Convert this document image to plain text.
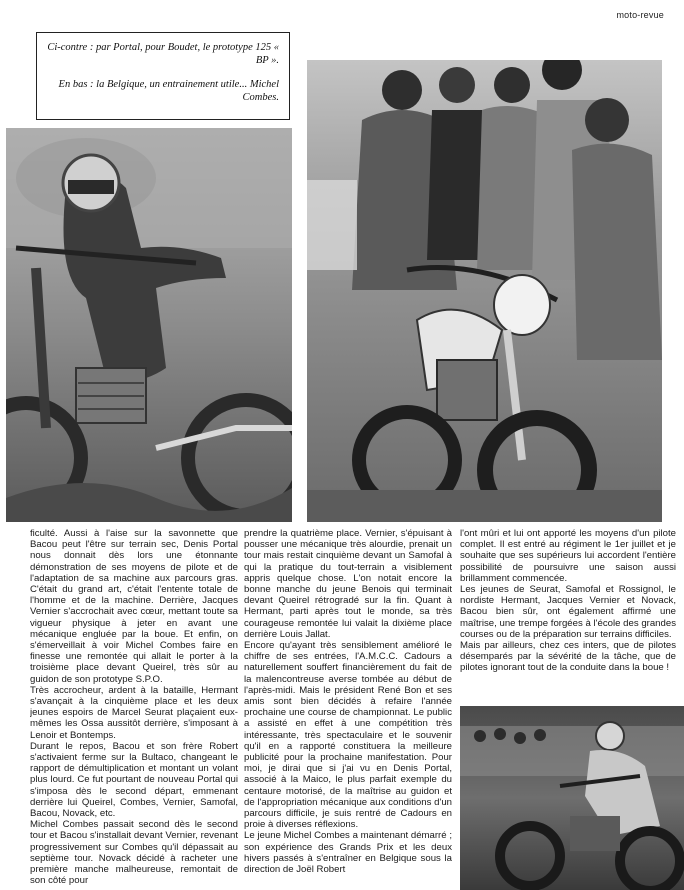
moto-revue

Ci-contre : par Portal, pour Boudet, le prototype 125 « BP ».

En bas : la Belgique, un entrainement utile... Michel Combes.

ficulté. Aussi à l'aise sur la savonnette que Bacou peut l'être sur terrain sec, Denis Portal nous donnait dès lors une étonnante démonstration de ses moyens de pilote et de l'adaptation de sa machine aux parcours gras. C'était du grand art, c'était l'entente totale de l'homme et de la machine. Derrière, Jacques Vernier s'accrochait avec cœur, mettant toute sa vigueur physique à jeter en avant une mécanique engluée par la boue. Et enfin, on s'émerveillait à voir Michel Combes faire en finesse une remontée qui allait le porter à la troisième place devant Queirel, très sûr au guidon de son prototype S.P.O.

Très accrocheur, ardent à la bataille, Hermant s'avançait à la cinquième place et les deux jeunes espoirs de Marcel Seurat plaçaient eux-mêmes les Ossa aussitôt derrière, s'imposant à Lenoir et Bontemps.

Durant le repos, Bacou et son frère Robert s'activaient ferme sur la Bultaco, changeant le rapport de démultiplication et montant un volant plus lourd. Ce fut pourtant de nouveau Portal qui s'imposa dès le second départ, emmenant derrière lui Queirel, Combes, Vernier, Samofal, Bacou, Novack, etc.

Michel Combes passait second dès le second tour et Bacou s'installait devant Vernier, revenant progressivement sur Combes qu'il dépassait au septième tour. Novack décidé à racheter une première manche malheureuse, remontait de son côté pour

prendre la quatrième place. Vernier, s'épuisant à pousser une mécanique très alourdie, prenait un tour mais restait cinquième devant un Samofal à qui la pratique du tout-terrain a visiblement appris quelque chose. L'on notait encore la bonne manche du jeune Benois qui terminait devant Queirel rétrogradé sur la fin. Quant à Hermant, parti après tout le monde, sa très courageuse remontée lui valait la dixième place derrière Louis Jallat.

Encore qu'ayant très sensiblement amélioré le chiffre de ses entrées, l'A.M.C.C. Cadours a naturellement souffert financièrement du fait de la malencontreuse averse tombée au début de l'après-midi. Mais le président René Bon et ses amis sont bien décidés à refaire l'année prochaine une course de championnat. Le public a assisté en effet à une compétition très intéressante, très spectaculaire et le souvenir qu'il en a rapporté constituera la meilleure publicité pour la prochaine manifestation. Pour moi, je dirai que si j'ai vu en Denis Portal, associé à la Maico, le plus parfait exemple du centaure motorisé, de la maîtrise au guidon et de l'appropriation mécanique aux conditions d'un parcours difficile, je suis rentré de Cadours en proie à diverses réflexions.

Le jeune Michel Combes a maintenant démarré ; son expérience des Grands Prix et les deux hivers passés à s'entraîner en Belgique sous la direction de Joël Robert

l'ont mûri et lui ont apporté les moyens d'un pilote complet. Il est entré au régiment le 1er juillet et je souhaite que ses supérieurs lui accordent l'entière possibilité de poursuivre une saison aussi brillamment commencée.

Les jeunes de Seurat, Samofal et Rossignol, le nordiste Hermant, Jacques Vernier et Novack, Bacou bien sûr, ont également affirmé une maîtrise, une trempe forgées à l'école des grandes courses ou de la préparation sur terrains difficiles.

Mais par ailleurs, chez ces inters, que de pilotes désemparés par la sévérité de la tâche, que de pilotes ignorant tout de la conduite dans la boue !
